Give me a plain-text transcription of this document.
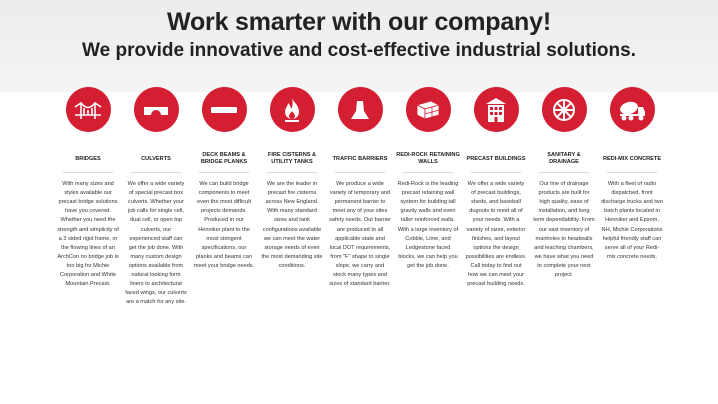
Work smarter with our company!
We provide innovative and cost-effective industrial solutions.
BRIDGES
With many sizes and styles available our precast bridge solutions have you covered. Whether you need the strength and simplicity of a 3 sided rigid frame, or the flowing lines of an ArchCon no bridge job is too big for Michie Corporation and White Mountain Precast.
CULVERTS
We offer a wide variety of special precast box culverts. Whether your job calls for single cell, dual cell, or open top culverts, our experienced staff can get the job done. With many custom design options available from natural looking form liners to architectural faced wings, our culverts are a match for any site.
DECK BEAMS & BRIDGE PLANKS
We can build bridge components to meet even the most difficult projects demands. Produced in our Henniker plant to the most stringent specifications, our planks and beams can meet your bridge needs.
FIRE CISTERNS & UTILITY TANKS
We are the leader in precast fire cisterns across New England. With many standard sizes and tank configurations available we can meet the water storage needs of even the most demanding site conditions.
TRAFFIC BARRIERS
We produce a wide variety of temporary and permanent barrier to meet any of your sites safety needs. Our barrier are produced to all applicable state and local DOT requirements, from "F" shape to single slope, we carry and stock many types and sizes of standard barrier.
REDI-ROCK RETAINING WALLS
Redi-Rock is the leading precast retaining wall system for building tall gravity walls and even taller reinforced walls. With a large inventory of Cobble, Lime, and Ledgestone faced blocks, we can help you get the job done.
PRECAST BUILDINGS
We offer a wide variety of precast buildings, sheds, and baseball dugouts to meet all of your needs. With a variety of sizes, exterior finishes, and layout options the design possibilities are endless. Call today to find out how we can meet your precast building needs.
SANITARY & DRAINAGE
Our line of drainage products are built for high quality, ease of installation, and long term dependability. From our vast inventory of manholes to headwalls and leaching chambers, we have what you need to complete your next project.
REDI-MIX CONCRETE
With a fleet of radio dispatched, front discharge trucks and two batch plants located in Henniker and Epsom, NH, Michie Corporations helpful friendly staff can serve all of your Redi-mix concrete needs.
